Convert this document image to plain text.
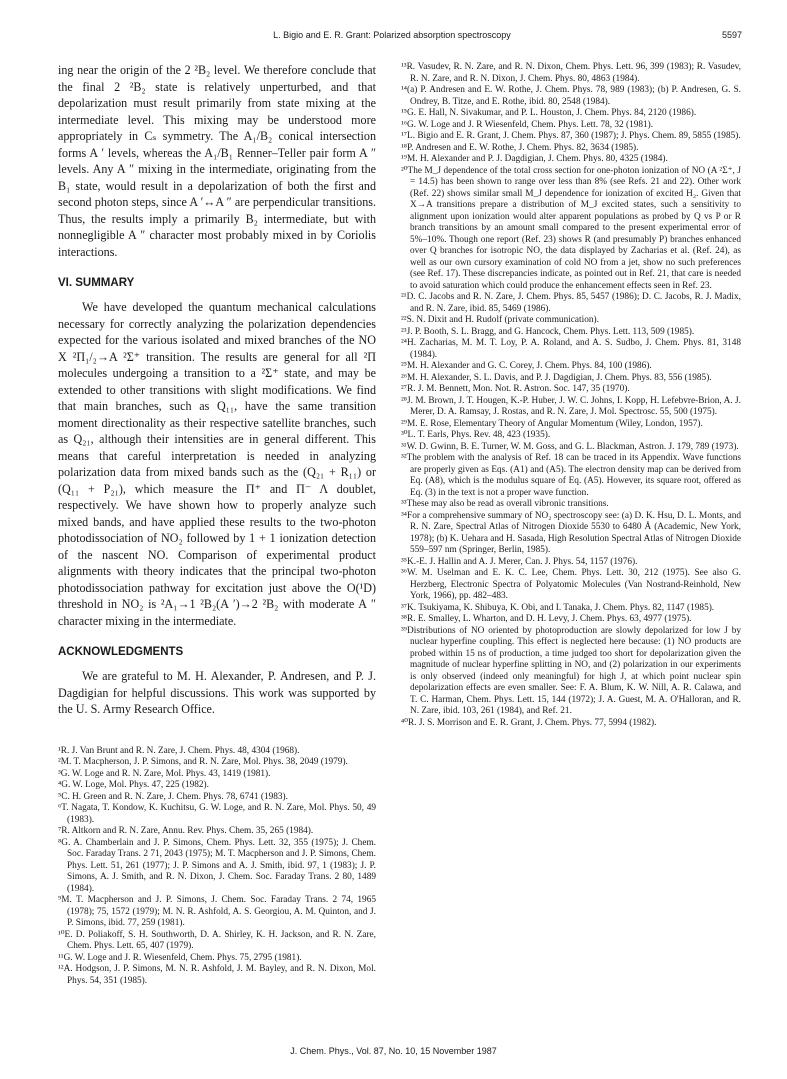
L. Bigio and E. R. Grant: Polarized absorption spectroscopy	5597

ing near the origin of the 2 ²B₂ level. We therefore conclude that the final 2 ²B₂ state is relatively unperturbed, and that depolarization must result primarily from state mixing at the intermediate level. This mixing may be understood more appropriately in Cₛ symmetry. The A₁/B₂ conical intersection forms A ′ levels, whereas the A₁/B₁ Renner–Teller pair form A ″ levels. Any A ″ mixing in the intermediate, originating from the B₁ state, would result in a depolarization of both the first and second photon steps, since A ′↔A ″ are perpendicular transitions. Thus, the results imply a primarily B₂ intermediate, but with nonnegligible A ″ character most probably mixed in by Coriolis interactions.

VI. SUMMARY

We have developed the quantum mechanical calculations necessary for correctly analyzing the polarization dependencies expected for the various isolated and mixed branches of the NO X ²Π₁/₂→A ²Σ⁺ transition. The results are general for all ²Π molecules undergoing a transition to a ²Σ⁺ state, and may be extended to other transitions with slight modifications. We find that main branches, such as Q₁₁, have the same transition moment directionality as their respective satellite branches, such as Q₂₁, although their intensities are in general different. This means that careful interpretation is needed in analyzing polarization data from mixed bands such as the (Q₂₁ + R₁₁) or (Q₁₁ + P₂₁), which measure the Π⁺ and Π⁻ Λ doublet, respectively. We have shown how to properly analyze such mixed bands, and have applied these results to the two-photon photodissociation of NO₂ followed by 1 + 1 ionization detection of the nascent NO. Comparison of experimental product alignments with theory indicates that the principal two-photon photodissociation pathway for excitation just above the O(¹D) threshold in NO₂ is ²A₁→1 ²B₂(A ′)→2 ²B₂ with moderate A ″ character mixing in the intermediate.

ACKNOWLEDGMENTS

We are grateful to M. H. Alexander, P. Andresen, and P. J. Dagdigian for helpful discussions. This work was supported by the U. S. Army Research Office.

¹R. J. Van Brunt and R. N. Zare, J. Chem. Phys. 48, 4304 (1968).
²M. T. Macpherson, J. P. Simons, and R. N. Zare, Mol. Phys. 38, 2049 (1979).
³G. W. Loge and R. N. Zare, Mol. Phys. 43, 1419 (1981).
⁴G. W. Loge, Mol. Phys. 47, 225 (1982).
⁵C. H. Green and R. N. Zare, J. Chem. Phys. 78, 6741 (1983).
⁶T. Nagata, T. Kondow, K. Kuchitsu, G. W. Loge, and R. N. Zare, Mol. Phys. 50, 49 (1983).
⁷R. Altkorn and R. N. Zare, Annu. Rev. Phys. Chem. 35, 265 (1984).
⁸G. A. Chamberlain and J. P. Simons, Chem. Phys. Lett. 32, 355 (1975); J. Chem. Soc. Faraday Trans. 2 71, 2043 (1975); M. T. Macpherson and J. P. Simons, Chem. Phys. Lett. 51, 261 (1977); J. P. Simons and A. J. Smith, ibid. 97, 1 (1983); J. P. Simons, A. J. Smith, and R. N. Dixon, J. Chem. Soc. Faraday Trans. 2 80, 1489 (1984).
⁹M. T. Macpherson and J. P. Simons, J. Chem. Soc. Faraday Trans. 2 74, 1965 (1978); 75, 1572 (1979); M. N. R. Ashfold, A. S. Georgiou, A. M. Quinton, and J. P. Simons, ibid. 77, 259 (1981).
¹⁰E. D. Poliakoff, S. H. Southworth, D. A. Shirley, K. H. Jackson, and R. N. Zare, Chem. Phys. Lett. 65, 407 (1979).
¹¹G. W. Loge and J. R. Wiesenfeld, Chem. Phys. 75, 2795 (1981).
¹²A. Hodgson, J. P. Simons, M. N. R. Ashfold, J. M. Bayley, and R. N. Dixon, Mol. Phys. 54, 351 (1985).
¹³R. Vasudev, R. N. Zare, and R. N. Dixon, Chem. Phys. Lett. 96, 399 (1983); R. Vasudev, R. N. Zare, and R. N. Dixon, J. Chem. Phys. 80, 4863 (1984).
¹⁴(a) P. Andresen and E. W. Rothe, J. Chem. Phys. 78, 989 (1983); (b) P. Andresen, G. S. Ondrey, B. Titze, and E. Rothe, ibid. 80, 2548 (1984).
¹⁵G. E. Hall, N. Sivakumar, and P. L. Houston, J. Chem. Phys. 84, 2120 (1986).
¹⁶G. W. Loge and J. R Wiesenfeld, Chem. Phys. Lett. 78, 32 (1981).
¹⁷L. Bigio and E. R. Grant, J. Chem. Phys. 87, 360 (1987); J. Phys. Chem. 89, 5855 (1985).
¹⁸P. Andresen and E. W. Rothe, J. Chem. Phys. 82, 3634 (1985).
¹⁹M. H. Alexander and P. J. Dagdigian, J. Chem. Phys. 80, 4325 (1984).
²⁰The M_J dependence of the total cross section for one-photon ionization of NO (A ²Σ⁺, J = 14.5) has been shown to range over less than 8% (see Refs. 21 and 22). Other work (Ref. 22) shows similar small M_J dependence for ionization of excited H₂. Given that X→A transitions prepare a distribution of M_J excited states, such a sensitivity to alignment upon ionization would alter apparent populations as probed by Q vs P or R branch transitions by an amount small compared to the present experimental error of 5%–10%. Though one report (Ref. 23) shows R (and presumably P) branches enhanced over Q branches for isotropic NO, the data displayed by Zacharias et al. (Ref. 24), as well as our own cursory examination of cold NO from a jet, show no such preferences (see Ref. 17). These discrepancies indicate, as pointed out in Ref. 21, that care is needed to avoid saturation which could produce the enhancement effects seen in Ref. 23.
²¹D. C. Jacobs and R. N. Zare, J. Chem. Phys. 85, 5457 (1986); D. C. Jacobs, R. J. Madix, and R. N. Zare, ibid. 85, 5469 (1986).
²²S. N. Dixit and H. Rudolf (private communication).
²³J. P. Booth, S. L. Bragg, and G. Hancock, Chem. Phys. Lett. 113, 509 (1985).
²⁴H. Zacharias, M. M. T. Loy, P. A. Roland, and A. S. Sudbo, J. Chem. Phys. 81, 3148 (1984).
²⁵M. H. Alexander and G. C. Corey, J. Chem. Phys. 84, 100 (1986).
²⁶M. H. Alexander, S. L. Davis, and P. J. Dagdigian, J. Chem. Phys. 83, 556 (1985).
²⁷R. J. M. Bennett, Mon. Not. R. Astron. Soc. 147, 35 (1970).
²⁸J. M. Brown, J. T. Hougen, K.-P. Huber, J. W. C. Johns, I. Kopp, H. Lefebvre-Brion, A. J. Merer, D. A. Ramsay, J. Rostas, and R. N. Zare, J. Mol. Spectrosc. 55, 500 (1975).
²⁹M. E. Rose, Elementary Theory of Angular Momentum (Wiley, London, 1957).
³⁰L. T. Earls, Phys. Rev. 48, 423 (1935).
³¹W. D. Gwinn, B. E. Turner, W. M. Goss, and G. L. Blackman, Astron. J. 179, 789 (1973).
³²The problem with the analysis of Ref. 18 can be traced in its Appendix. Wave functions are properly given as Eqs. (A1) and (A5). The electron density map can be derived from Eq. (A8), which is the modulus square of Eq. (A5). However, its square root, offered as Eq. (3) in the text is not a proper wave function.
³³These may also be read as overall vibronic transitions.
³⁴For a comprehensive summary of NO₂ spectroscopy see: (a) D. K. Hsu, D. L. Monts, and R. N. Zare, Spectral Atlas of Nitrogen Dioxide 5530 to 6480 Å (Academic, New York, 1978); (b) K. Uehara and H. Sasada, High Resolution Spectral Atlas of Nitrogen Dioxide 559–597 nm (Springer, Berlin, 1985).
³⁵K.-E. J. Hallin and A. J. Merer, Can. J. Phys. 54, 1157 (1976).
³⁶W. M. Uselman and E. K. C. Lee, Chem. Phys. Lett. 30, 212 (1975). See also G. Herzberg, Electronic Spectra of Polyatomic Molecules (Van Nostrand-Reinhold, New York, 1966), pp. 482–483.
³⁷K. Tsukiyama, K. Shibuya, K. Obi, and I. Tanaka, J. Chem. Phys. 82, 1147 (1985).
³⁸R. E. Smalley, L. Wharton, and D. H. Levy, J. Chem. Phys. 63, 4977 (1975).
³⁹Distributions of NO oriented by photoproduction are slowly depolarized for low J by nuclear hyperfine coupling. This effect is neglected here because: (1) NO products are probed within 15 ns of production, a time judged too short for depolarization given the magnitude of nuclear hyperfine splitting in NO, and (2) polarization in our experiments is only observed (indeed only meaningful) for high J, at which point nuclear spin depolarization effects are even smaller. See: F. A. Blum, K. W. Nill, A. R. Calawa, and T. C. Harman, Chem. Phys. Lett. 15, 144 (1972); J. A. Guest, M. A. O'Halloran, and R. N. Zare, ibid. 103, 261 (1984), and Ref. 21.
⁴⁰R. J. S. Morrison and E. R. Grant, J. Chem. Phys. 77, 5994 (1982).
J. Chem. Phys., Vol. 87, No. 10, 15 November 1987
